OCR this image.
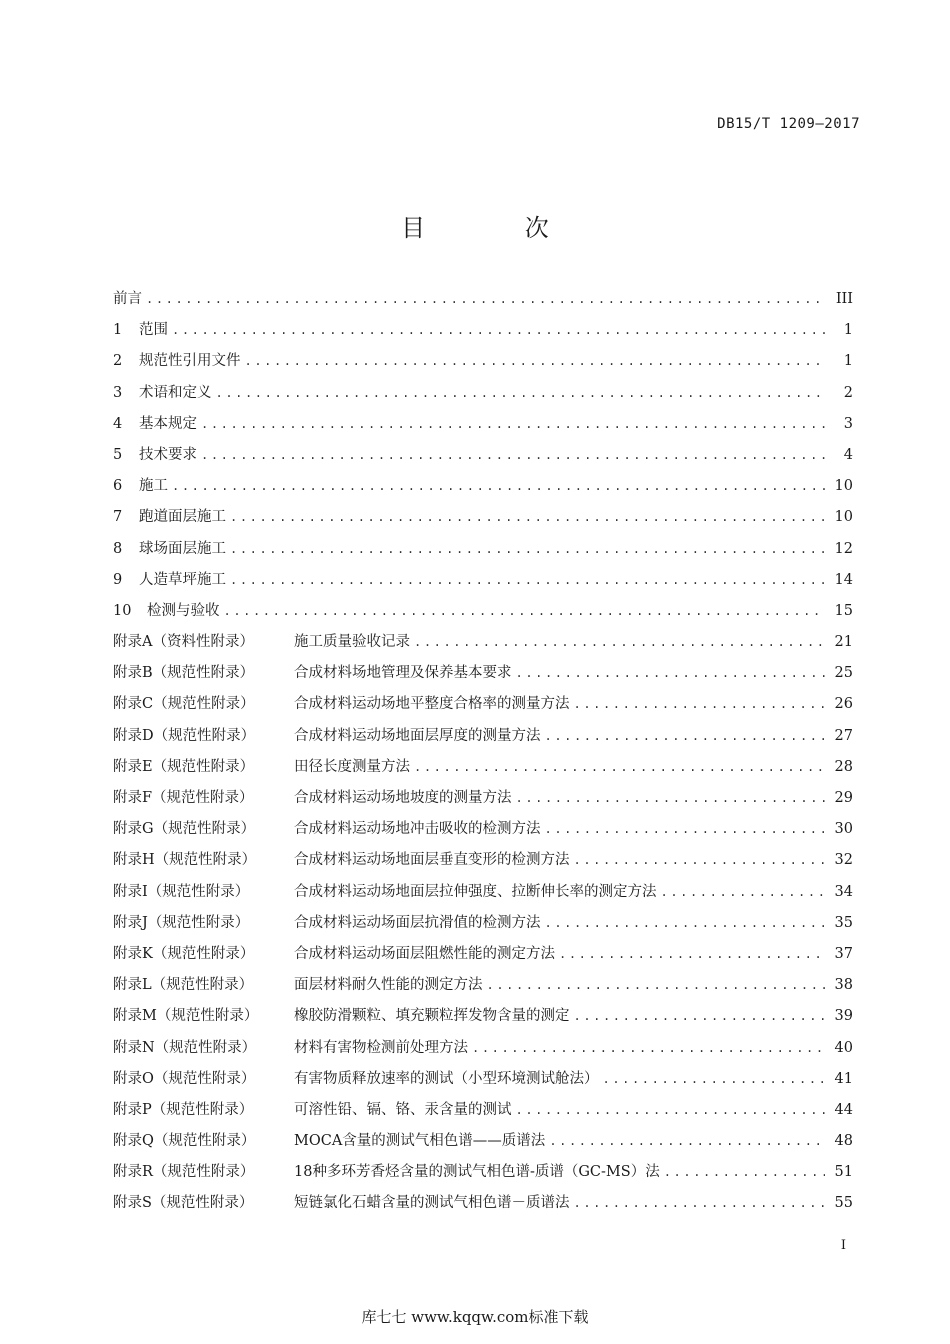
DB15/T 1209—2017
目 次
前言 .....	III
1	范围 .....	1
2	规范性引用文件 .....	1
3	术语和定义 .....	2
4	基本规定 .....	3
5	技术要求 .....	4
6	施工 .....	10
7	跑道面层施工 .....	10
8	球场面层施工 .....	12
9	人造草坪施工 .....	14
10	检测与验收 .....	15
附录A（资料性附录）	施工质量验收记录 .....	21
附录B（规范性附录）	合成材料场地管理及保养基本要求 .....	25
附录C（规范性附录）	合成材料运动场地平整度合格率的测量方法 .....	26
附录D（规范性附录）	合成材料运动场地面层厚度的测量方法 .....	27
附录E（规范性附录）	田径长度测量方法 .....	28
附录F（规范性附录）	合成材料运动场地坡度的测量方法 .....	29
附录G（规范性附录）	合成材料运动场地冲击吸收的检测方法 .....	30
附录H（规范性附录）	合成材料运动场地面层垂直变形的检测方法 .....	32
附录I（规范性附录）	合成材料运动场地面层拉伸强度、拉断伸长率的测定方法 .....	34
附录J（规范性附录）	合成材料运动场面层抗滑值的检测方法 .....	35
附录K（规范性附录）	合成材料运动场面层阻燃性能的测定方法 .....	37
附录L（规范性附录）	面层材料耐久性能的测定方法 .....	38
附录M（规范性附录）	橡胶防滑颗粒、填充颗粒挥发物含量的测定 .....	39
附录N（规范性附录）	材料有害物检测前处理方法 .....	40
附录O（规范性附录）	有害物质释放速率的测试（小型环境测试舱法） .....	41
附录P（规范性附录）	可溶性铅、镉、铬、汞含量的测试 .....	44
附录Q（规范性附录）	MOCA含量的测试气相色谱——质谱法 .....	48
附录R（规范性附录）	18种多环芳香烃含量的测试气相色谱-质谱（GC-MS）法 .....	51
附录S（规范性附录）	短链氯化石蜡含量的测试气相色谱－质谱法 .....	55
I
库七七 www.kqqw.com标准下载
